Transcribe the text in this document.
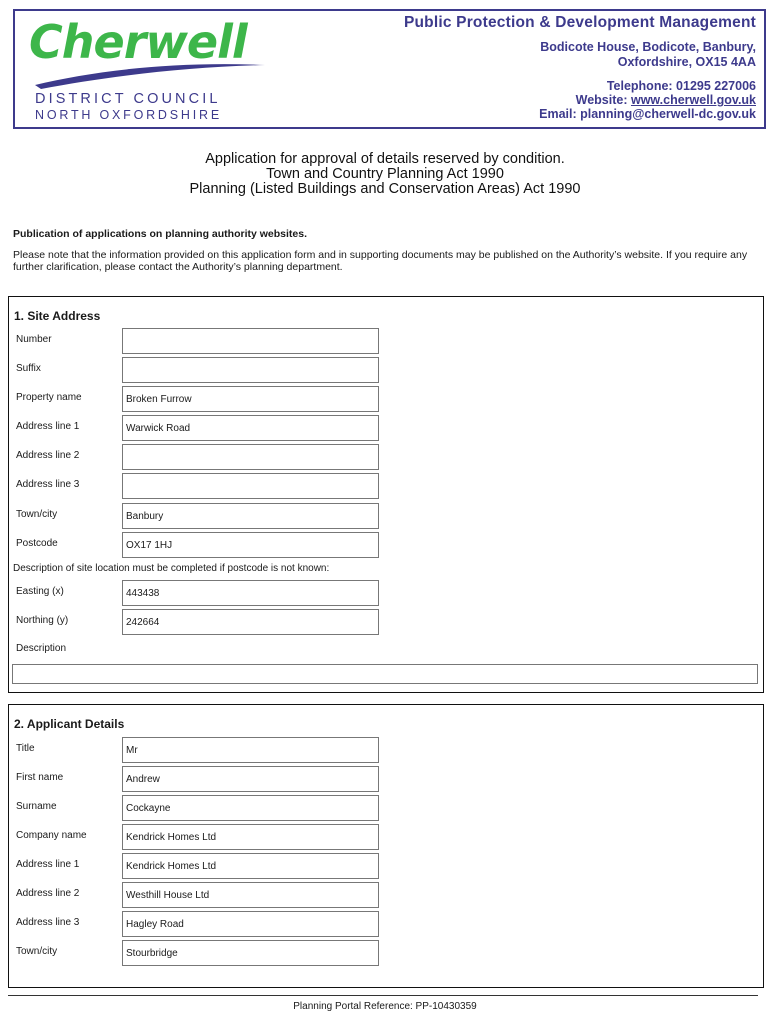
Cherwell
DISTRICT COUNCIL
NORTH OXFORDSHIRE
Public Protection & Development Management
Bodicote House, Bodicote, Banbury,
Oxfordshire, OX15 4AA
Telephone: 01295 227006
Website: www.cherwell.gov.uk
Email: planning@cherwell-dc.gov.uk
Application for approval of details reserved by condition.
Town and Country Planning Act 1990
Planning (Listed Buildings and Conservation Areas) Act 1990
Publication of applications on planning authority websites.
Please note that the information provided on this application form and in supporting documents may be published on the Authority’s website. If you require any further clarification, please contact the Authority’s planning department.
1. Site Address
Number
Suffix
Property name	Broken Furrow
Address line 1	Warwick Road
Address line 2
Address line 3
Town/city	Banbury
Postcode	OX17 1HJ
Description of site location must be completed if postcode is not known:
Easting (x)	443438
Northing (y)	242664
Description
2. Applicant Details
Title	Mr
First name	Andrew
Surname	Cockayne
Company name	Kendrick Homes Ltd
Address line 1	Kendrick Homes Ltd
Address line 2	Westhill House Ltd
Address line 3	Hagley Road
Town/city	Stourbridge
Planning Portal Reference: PP-10430359
